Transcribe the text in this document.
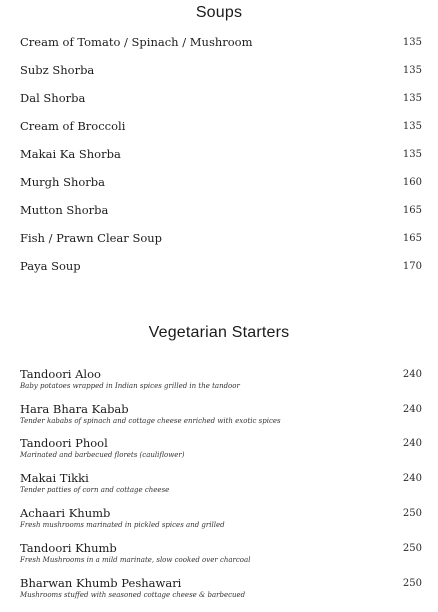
Soups
Cream of Tomato / Spinach / Mushroom	135
Subz Shorba	135
Dal Shorba	135
Cream of Broccoli	135
Makai Ka Shorba	135
Murgh Shorba	160
Mutton Shorba	165
Fish / Prawn Clear Soup	165
Paya Soup	170
Vegetarian Starters
Tandoori Aloo	240
Baby potatoes wrapped in Indian spices grilled in the tandoor
Hara Bhara Kabab	240
Tender kababs of spinach and cottage cheese enriched with exotic spices
Tandoori Phool	240
Marinated and barbecued florets (cauliflower)
Makai Tikki	240
Tender patties of corn and cottage cheese
Achaari Khumb	250
Fresh mushrooms marinated in pickled spices and grilled
Tandoori Khumb	250
Fresh Mushrooms in a mild marinate, slow cooked over charcoal
Bharwan Khumb Peshawari	250
Mushrooms stuffed with seasoned cottage cheese & barbecued
